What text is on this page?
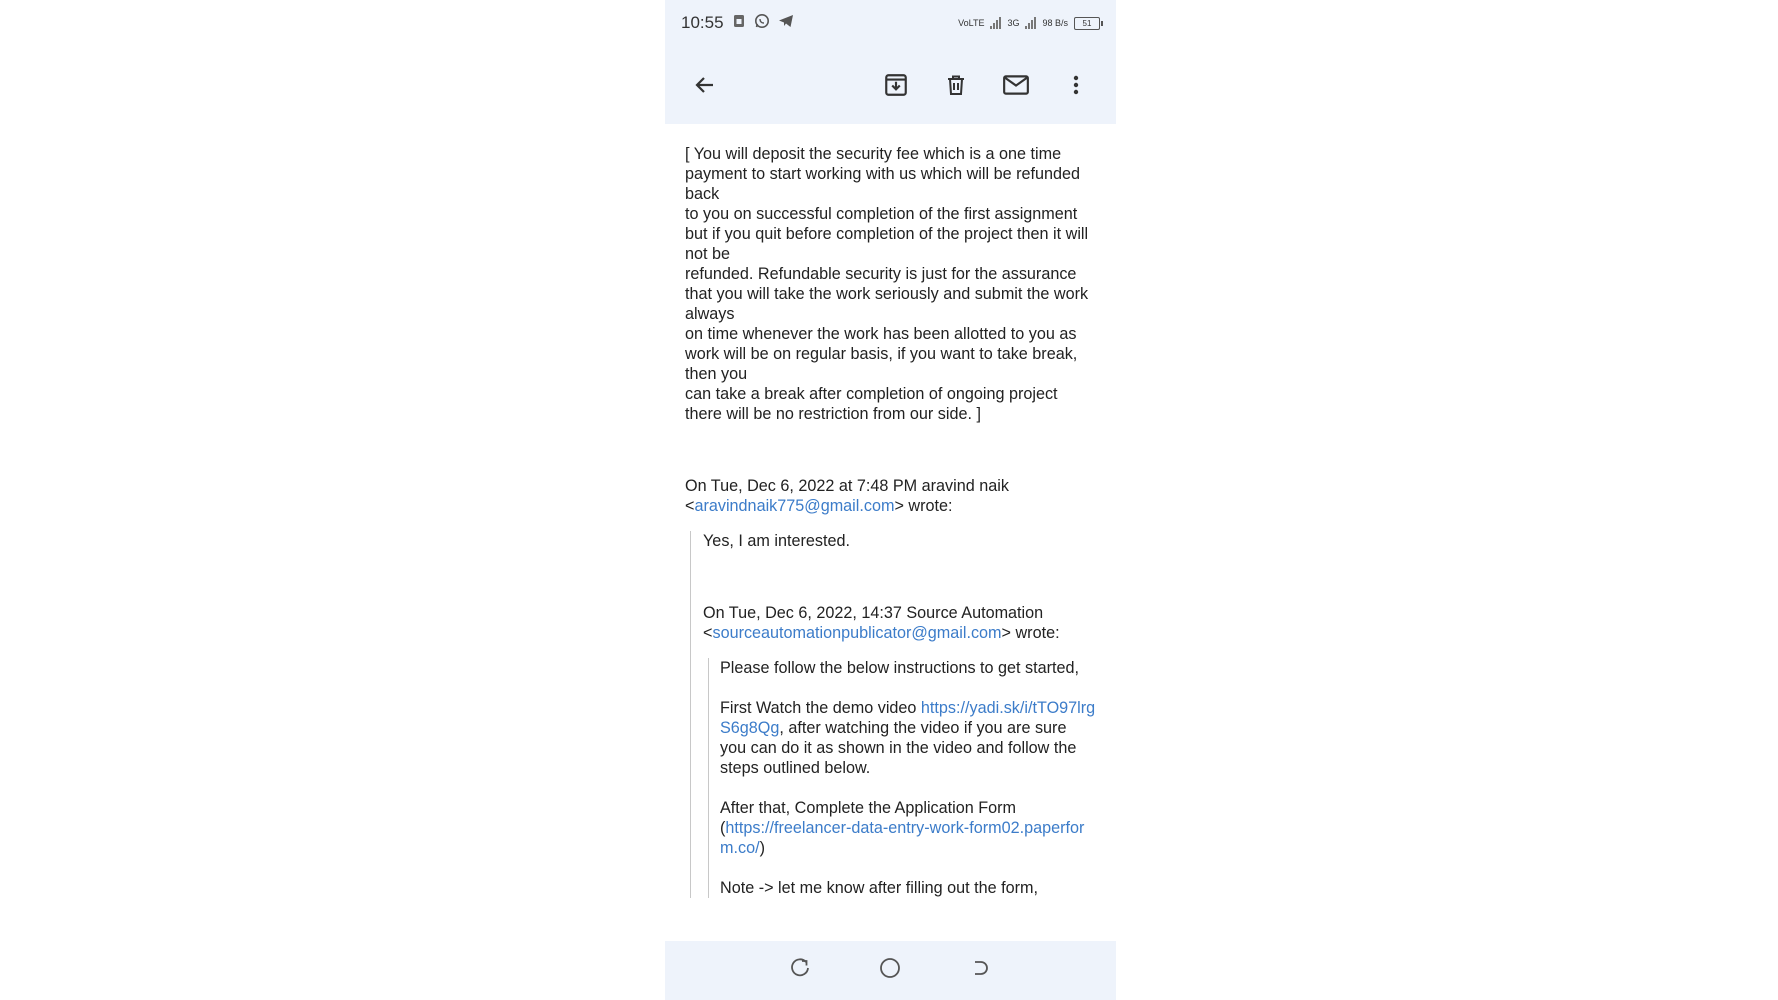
10:55	VoLTE	3G	98 B/s	51

[ You will deposit the security fee which is a one time payment to start working with us which will be refunded back

to you on successful completion of the first assignment but if you quit before completion of the project then it will not be

refunded. Refundable security is just for the assurance that you will take the work seriously and submit the work always

on time whenever the work has been allotted to you as work will be on regular basis, if you want to take break, then you

can take a break after completion of ongoing project there will be no restriction from our side. ]

On Tue, Dec 6, 2022 at 7:48 PM aravind naik
<aravindnaik775@gmail.com> wrote:

Yes, I am interested.

On Tue, Dec 6, 2022, 14:37 Source Automation
<sourceautomationpublicator@gmail.com> wrote:

Please follow the below instructions to get started,

First Watch the demo video https://yadi.sk/i/tTO97lrgS6g8Qg, after watching the video if you are sure you can do it as shown in the video and follow the steps outlined below.

After that, Complete the Application Form
(https://freelancer-data-entry-work-form02.paperform.co/)

Note -> let me know after filling out the form,
